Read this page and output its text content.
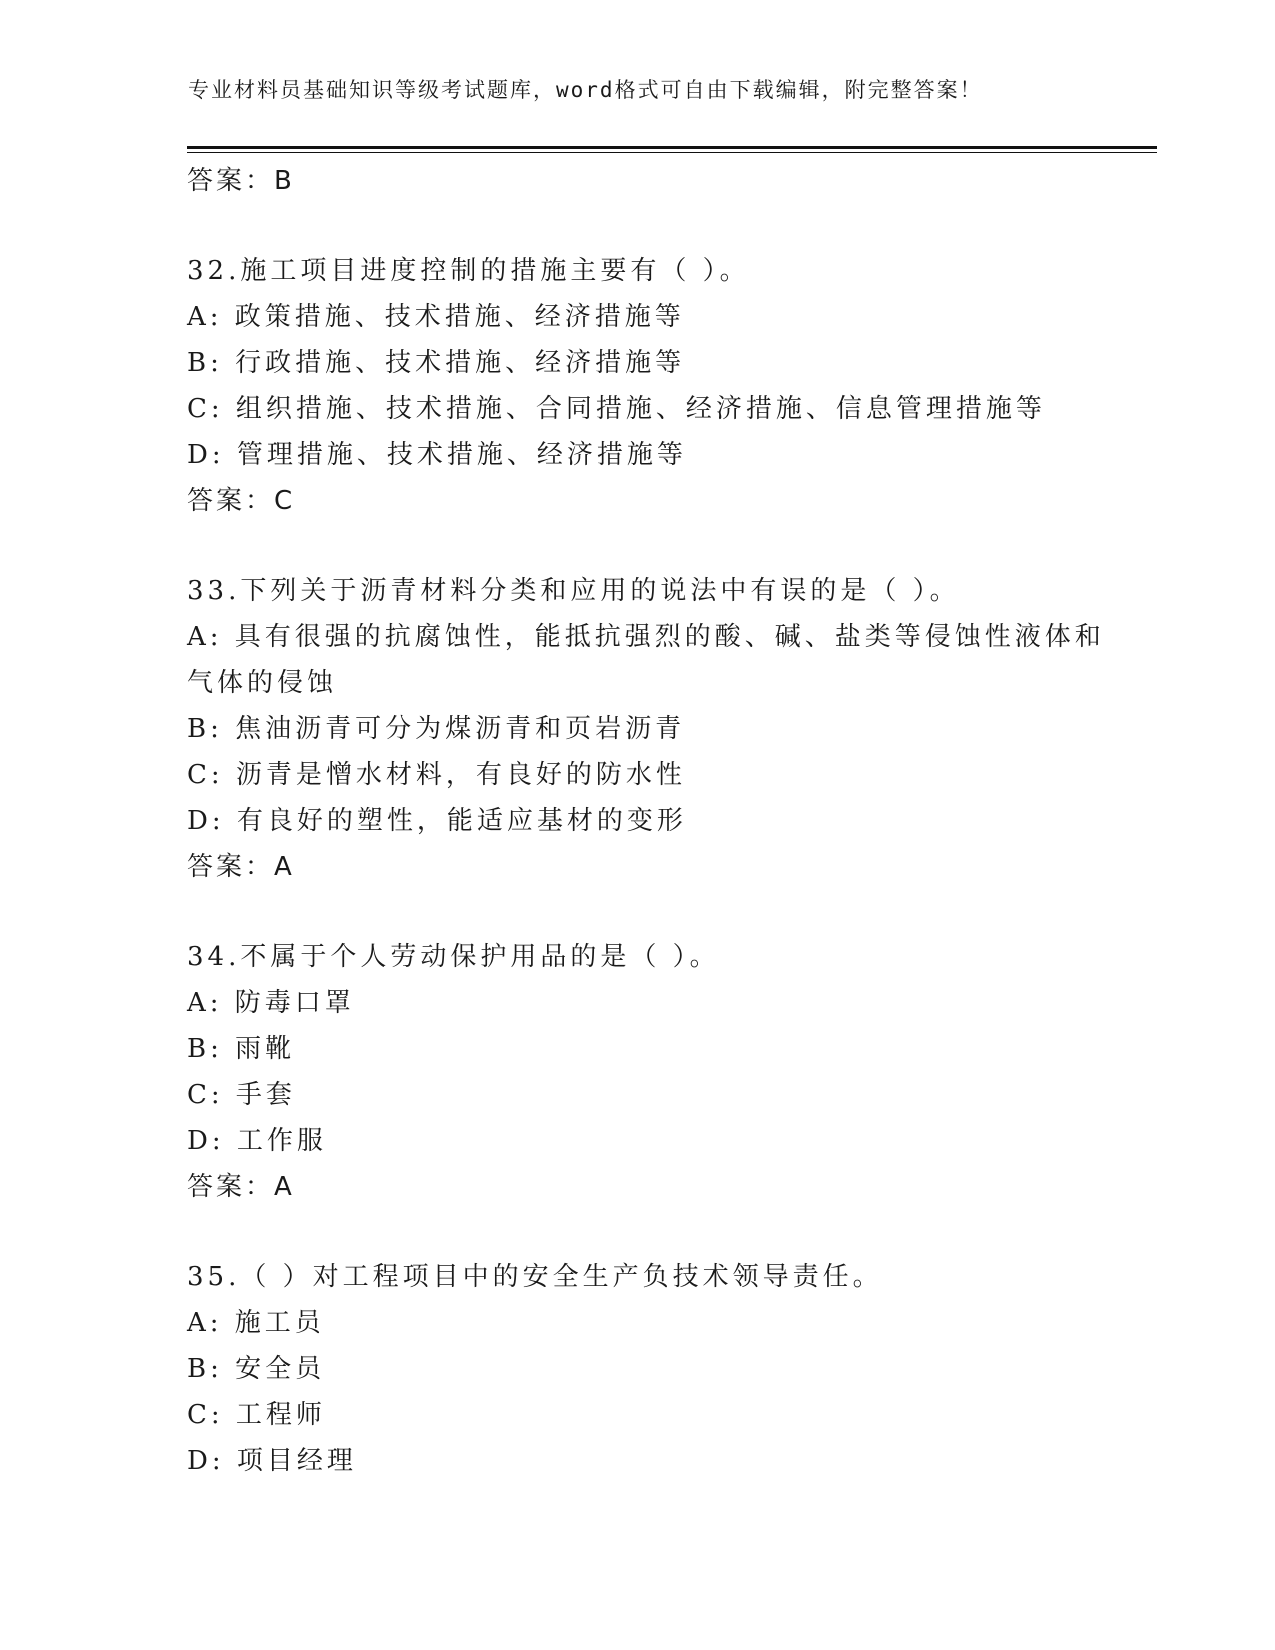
专业材料员基础知识等级考试题库，word格式可自由下载编辑，附完整答案！
答案：B
32.施工项目进度控制的措施主要有（ ）。
A: 政策措施、技术措施、经济措施等
B: 行政措施、技术措施、经济措施等
C: 组织措施、技术措施、合同措施、经济措施、信息管理措施等
D: 管理措施、技术措施、经济措施等
答案：C
33.下列关于沥青材料分类和应用的说法中有误的是（ ）。
A: 具有很强的抗腐蚀性，能抵抗强烈的酸、碱、盐类等侵蚀性液体和
气体的侵蚀
B: 焦油沥青可分为煤沥青和页岩沥青
C: 沥青是憎水材料，有良好的防水性
D: 有良好的塑性，能适应基材的变形
答案：A
34.不属于个人劳动保护用品的是（ ）。
A: 防毒口罩
B: 雨靴
C: 手套
D: 工作服
答案：A
35.（ ）对工程项目中的安全生产负技术领导责任。
A: 施工员
B: 安全员
C: 工程师
D: 项目经理
